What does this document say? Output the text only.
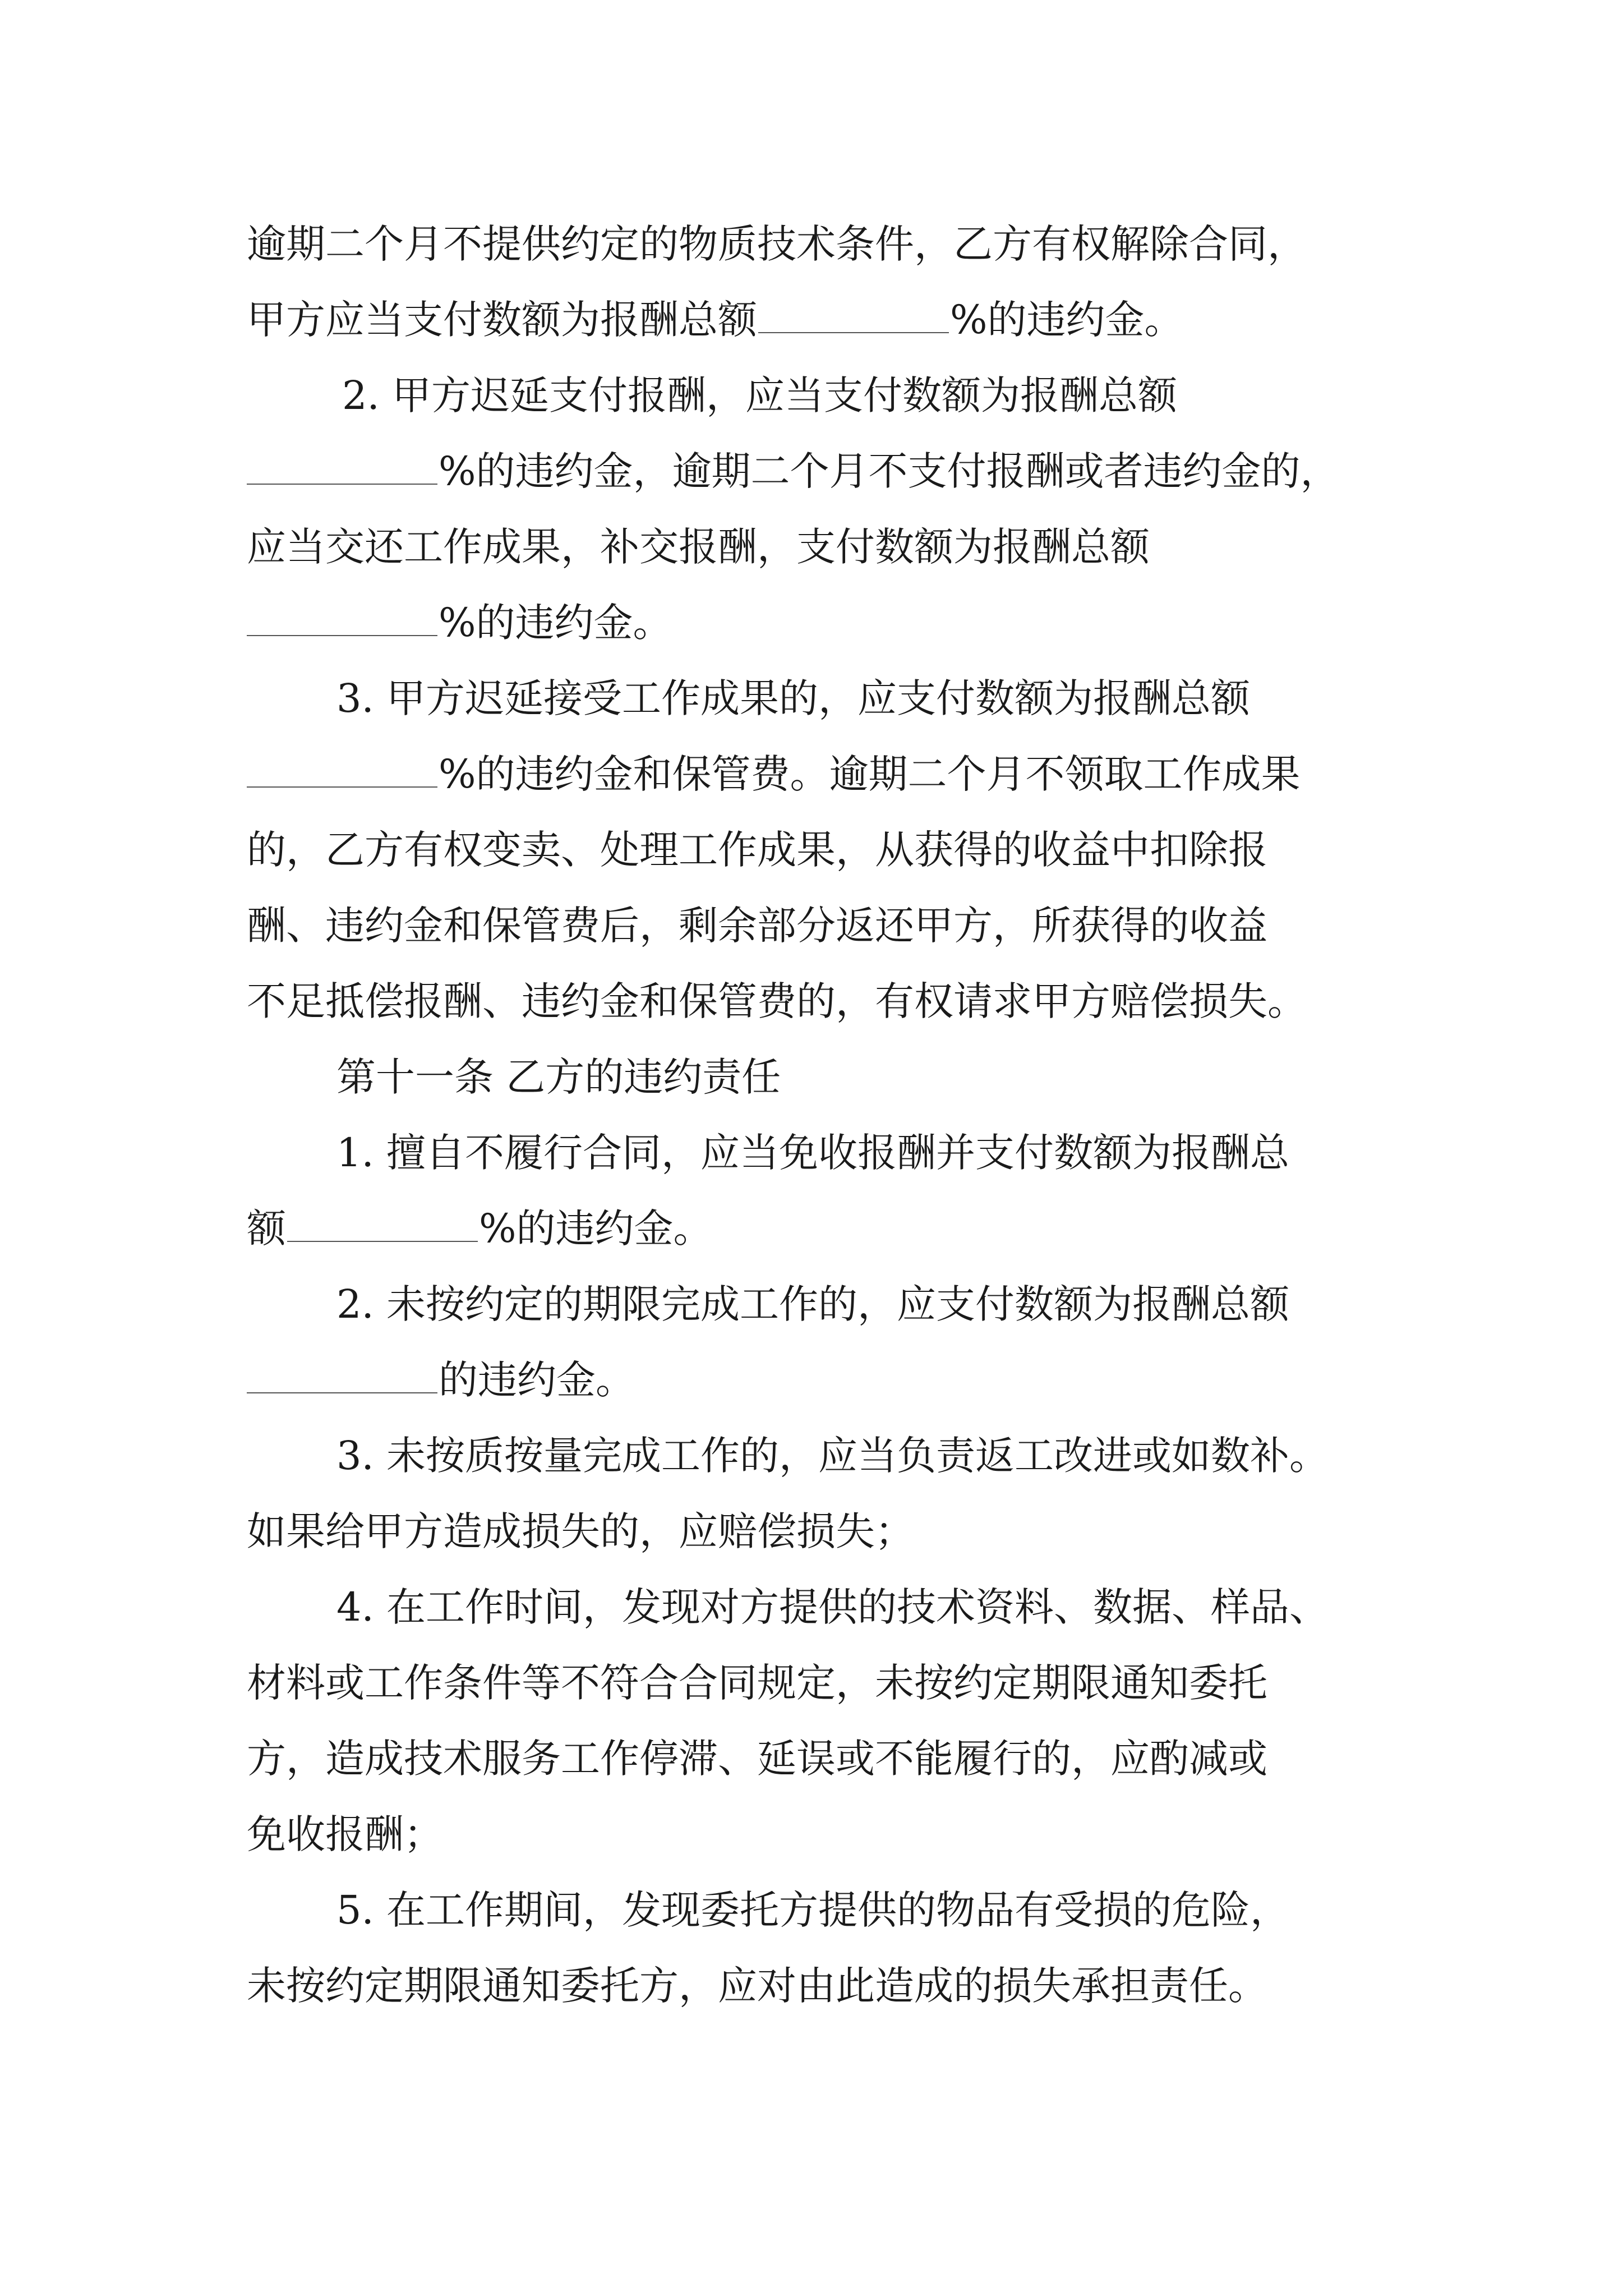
逾期二个月不提供约定的物质技术条件，乙方有权解除合同，
甲方应当支付数额为报酬总额	%的违约金。
2. 甲方迟延支付报酬，应当支付数额为报酬总额
%的违约金，逾期二个月不支付报酬或者违约金的，
应当交还工作成果，补交报酬，支付数额为报酬总额
%的违约金。
3. 甲方迟延接受工作成果的，应支付数额为报酬总额
%的违约金和保管费。逾期二个月不领取工作成果
的，乙方有权变卖、处理工作成果，从获得的收益中扣除报
酬、违约金和保管费后，剩余部分返还甲方，所获得的收益
不足抵偿报酬、违约金和保管费的，有权请求甲方赔偿损失。
第十一条 乙方的违约责任
1. 擅自不履行合同，应当免收报酬并支付数额为报酬总
额	%的违约金。
2. 未按约定的期限完成工作的，应支付数额为报酬总额
的违约金。
3. 未按质按量完成工作的，应当负责返工改进或如数补。
如果给甲方造成损失的，应赔偿损失；
4. 在工作时间，发现对方提供的技术资料、数据、样品、
材料或工作条件等不符合合同规定，未按约定期限通知委托
方，造成技术服务工作停滞、延误或不能履行的，应酌减或
免收报酬；
5. 在工作期间，发现委托方提供的物品有受损的危险，
未按约定期限通知委托方，应对由此造成的损失承担责任。
